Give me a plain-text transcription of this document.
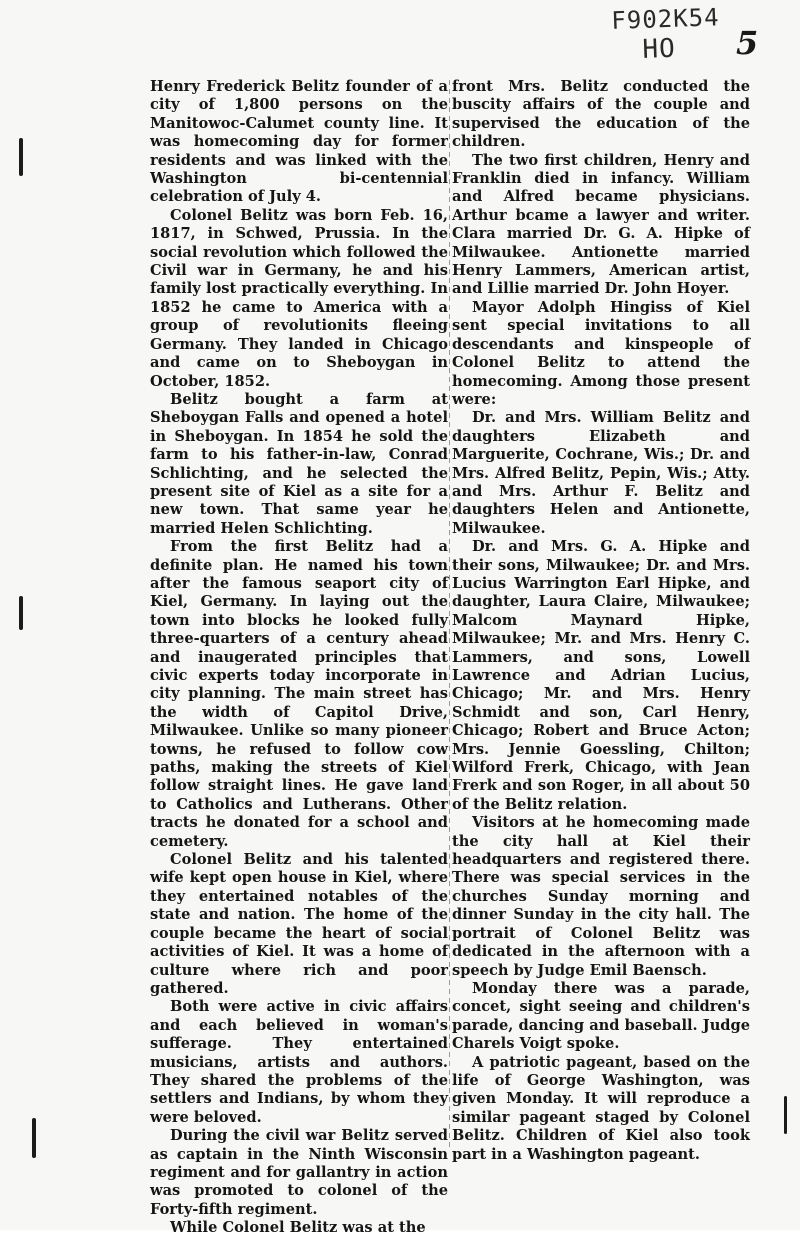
F902K54
HO	5

Henry Frederick Belitz founder of a city of 1,800 persons on the Manitowoc-Calumet county line. It was homecoming day for former residents and was linked with the Washington bi-centennial celebration of July 4.

Colonel Belitz was born Feb. 16, 1817, in Schwed, Prussia. In the social revolution which followed the Civil war in Germany, he and his family lost practically everything. In 1852 he came to America with a group of revolutionits fleeing Germany. They landed in Chicago and came on to Sheboygan in October, 1852.

Belitz bought a farm at Sheboygan Falls and opened a hotel in Sheboygan. In 1854 he sold the farm to his father-in-law, Conrad Schlichting, and he selected the present site of Kiel as a site for a new town. That same year he married Helen Schlichting.

From the first Belitz had a definite plan. He named his town after the famous seaport city of Kiel, Germany. In laying out the town into blocks he looked fully three-quarters of a century ahead and inaugerated principles that civic experts today incorporate in city planning. The main street has the width of Capitol Drive, Milwaukee. Unlike so many pioneer towns, he refused to follow cow paths, making the streets of Kiel follow straight lines. He gave land to Catholics and Lutherans. Other tracts he donated for a school and cemetery.

Colonel Belitz and his talented wife kept open house in Kiel, where they entertained notables of the state and nation. The home of the couple became the heart of social activities of Kiel. It was a home of culture where rich and poor gathered.

Both were active in civic affairs and each believed in woman's sufferage. They entertained musicians, artists and authors. They shared the problems of the settlers and Indians, by whom they were beloved.

During the civil war Belitz served as captain in the Ninth Wisconsin regiment and for gallantry in action was promoted to colonel of the Forty-fifth regiment.

While Colonel Belitz was at the

front Mrs. Belitz conducted the buscity affairs of the couple and supervised the education of the children.

The two first children, Henry and Franklin died in infancy. William and Alfred became physicians. Arthur bcame a lawyer and writer. Clara married Dr. G. A. Hipke of Milwaukee. Antionette married Henry Lammers, American artist, and Lillie married Dr. John Hoyer.

Mayor Adolph Hingiss of Kiel sent special invitations to all descendants and kinspeople of Colonel Belitz to attend the homecoming. Among those present were:

Dr. and Mrs. William Belitz and daughters Elizabeth and Marguerite, Cochrane, Wis.; Dr. and Mrs. Alfred Belitz, Pepin, Wis.; Atty. and Mrs. Arthur F. Belitz and daughters Helen and Antionette, Milwaukee.

Dr. and Mrs. G. A. Hipke and their sons, Milwaukee; Dr. and Mrs. Lucius Warrington Earl Hipke, and daughter, Laura Claire, Milwaukee; Malcom Maynard Hipke, Milwaukee; Mr. and Mrs. Henry C. Lammers, and sons, Lowell Lawrence and Adrian Lucius, Chicago; Mr. and Mrs. Henry Schmidt and son, Carl Henry, Chicago; Robert and Bruce Acton; Mrs. Jennie Goessling, Chilton; Wilford Frerk, Chicago, with Jean Frerk and son Roger, in all about 50 of the Belitz relation.

Visitors at he homecoming made the city hall at Kiel their headquarters and registered there. There was special services in the churches Sunday morning and dinner Sunday in the city hall. The portrait of Colonel Belitz was dedicated in the afternoon with a speech by Judge Emil Baensch.

Monday there was a parade, concet, sight seeing and children's parade, dancing and baseball. Judge Charels Voigt spoke.

A patriotic pageant, based on the life of George Washington, was given Monday. It will reproduce a similar pageant staged by Colonel Belitz. Children of Kiel also took part in a Washington pageant.
